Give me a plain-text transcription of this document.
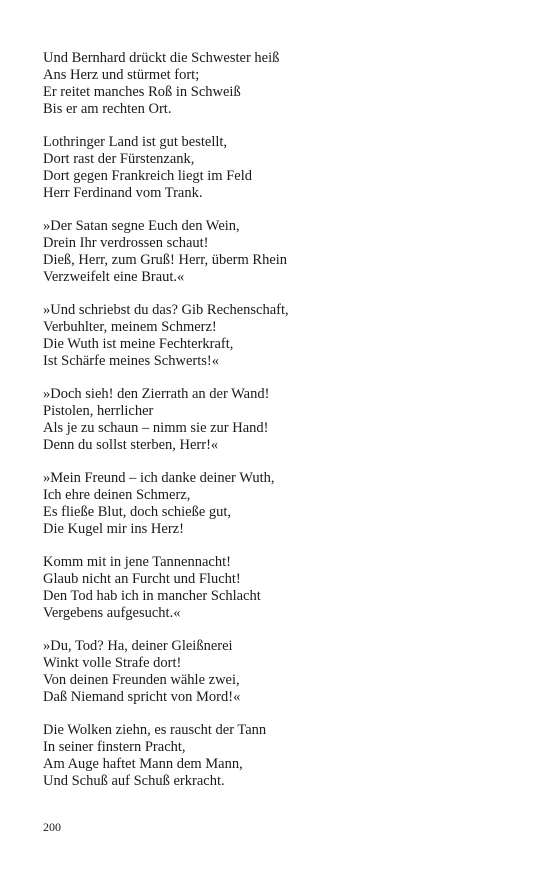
Und Bernhard drückt die Schwester heiß
Ans Herz und stürmet fort;
Er reitet manches Roß in Schweiß
Bis er am rechten Ort.
Lothringer Land ist gut bestellt,
Dort rast der Fürstenzank,
Dort gegen Frankreich liegt im Feld
Herr Ferdinand vom Trank.
»Der Satan segne Euch den Wein,
Drein Ihr verdrossen schaut!
Dieß, Herr, zum Gruß! Herr, überm Rhein
Verzweifelt eine Braut.«
»Und schriebst du das? Gib Rechenschaft,
Verbuhlter, meinem Schmerz!
Die Wuth ist meine Fechterkraft,
Ist Schärfe meines Schwerts!«
»Doch sieh! den Zierrath an der Wand!
Pistolen, herrlicher
Als je zu schaun – nimm sie zur Hand!
Denn du sollst sterben, Herr!«
»Mein Freund – ich danke deiner Wuth,
Ich ehre deinen Schmerz,
Es fließe Blut, doch schieße gut,
Die Kugel mir ins Herz!
Komm mit in jene Tannennacht!
Glaub nicht an Furcht und Flucht!
Den Tod hab ich in mancher Schlacht
Vergebens aufgesucht.«
»Du, Tod? Ha, deiner Gleißnerei
Winkt volle Strafe dort!
Von deinen Freunden wähle zwei,
Daß Niemand spricht von Mord!«
Die Wolken ziehn, es rauscht der Tann
In seiner finstern Pracht,
Am Auge haftet Mann dem Mann,
Und Schuß auf Schuß erkracht.
200
